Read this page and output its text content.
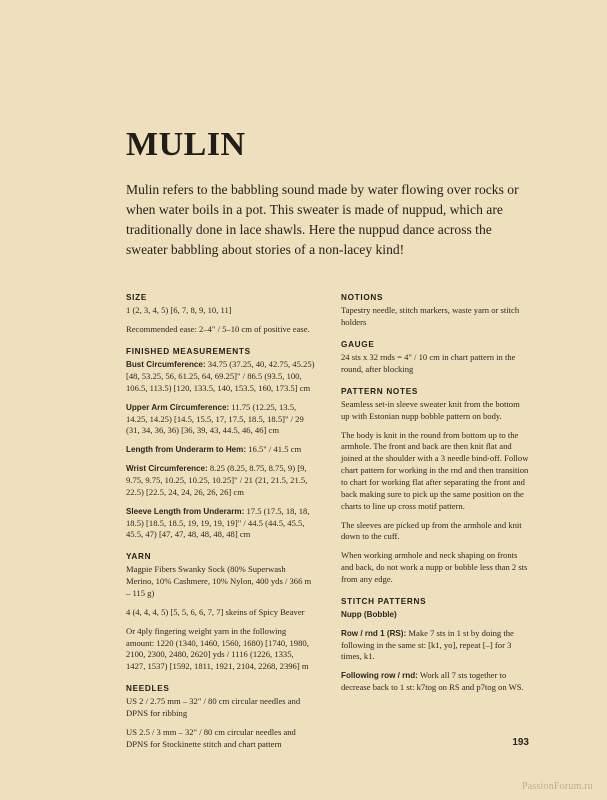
MULIN

Mulin refers to the babbling sound made by water flowing over rocks or when water boils in a pot. This sweater is made of nuppud, which are traditionally done in lace shawls. Here the nuppud dance across the sweater babbling about stories of a non-lacey kind!

SIZE

1 (2, 3, 4, 5) [6, 7, 8, 9, 10, 11]

Recommended ease: 2–4" / 5–10 cm of positive ease.

FINISHED MEASUREMENTS

Bust Circumference: 34.75 (37.25, 40, 42.75, 45.25) [48, 53.25, 56, 61.25, 64, 69.25]" / 86.5 (93.5, 100, 106.5, 113.5) [120, 133.5, 140, 153.5, 160, 173.5] cm

Upper Arm Circumference: 11.75 (12.25, 13.5, 14.25, 14.25) [14.5, 15.5, 17, 17.5, 18.5, 18.5]" / 29 (31, 34, 36, 36) [36, 39, 43, 44.5, 46, 46] cm

Length from Underarm to Hem: 16.5" / 41.5 cm

Wrist Circumference: 8.25 (8.25, 8.75, 8.75, 9) [9, 9.75, 9.75, 10.25, 10.25, 10.25]" / 21 (21, 21.5, 21.5, 22.5) [22.5, 24, 24, 26, 26, 26] cm

Sleeve Length from Underarm: 17.5 (17.5, 18, 18, 18.5) [18.5, 18.5, 19, 19, 19, 19]" / 44.5 (44.5, 45.5, 45.5, 47) [47, 47, 48, 48, 48, 48] cm

YARN

Magpie Fibers Swanky Sock (80% Superwash Merino, 10% Cashmere, 10% Nylon, 400 yds / 366 m – 115 g)

4 (4, 4, 4, 5) [5, 5, 6, 6, 7, 7] skeins of Spicy Beaver

Or 4ply fingering weight yarn in the following amount: 1220 (1340, 1460, 1560, 1680) [1740, 1980, 2100, 2300, 2480, 2620] yds / 1116 (1226, 1335, 1427, 1537) [1592, 1811, 1921, 2104, 2268, 2396] m

NEEDLES

US 2 / 2.75 mm – 32" / 80 cm circular needles and DPNS for ribbing

US 2.5 / 3 mm – 32" / 80 cm circular needles and DPNS for Stockinette stitch and chart pattern

NOTIONS

Tapestry needle, stitch markers, waste yarn or stitch holders

GAUGE

24 sts x 32 rnds = 4" / 10 cm in chart pattern in the round, after blocking

PATTERN NOTES

Seamless set-in sleeve sweater knit from the bottom up with Estonian nupp bobble pattern on body.

The body is knit in the round from bottom up to the armhole. The front and back are then knit flat and joined at the shoulder with a 3 needle bind-off. Follow chart pattern for working in the rnd and then transition to chart for working flat after separating the front and back making sure to pick up the same position on the charts to line up cross motif pattern.

The sleeves are picked up from the armhole and knit down to the cuff.

When working armhole and neck shaping on fronts and back, do not work a nupp or bobble less than 2 sts from any edge.

STITCH PATTERNS

Nupp (Bobble)

Row / rnd 1 (RS): Make 7 sts in 1 st by doing the following in the same st: [k1, yo], repeat [–] for 3 times, k1.

Following row / rnd: Work all 7 sts together to decrease back to 1 st: k7tog on RS and p7tog on WS.

193
PassionForum.ru
